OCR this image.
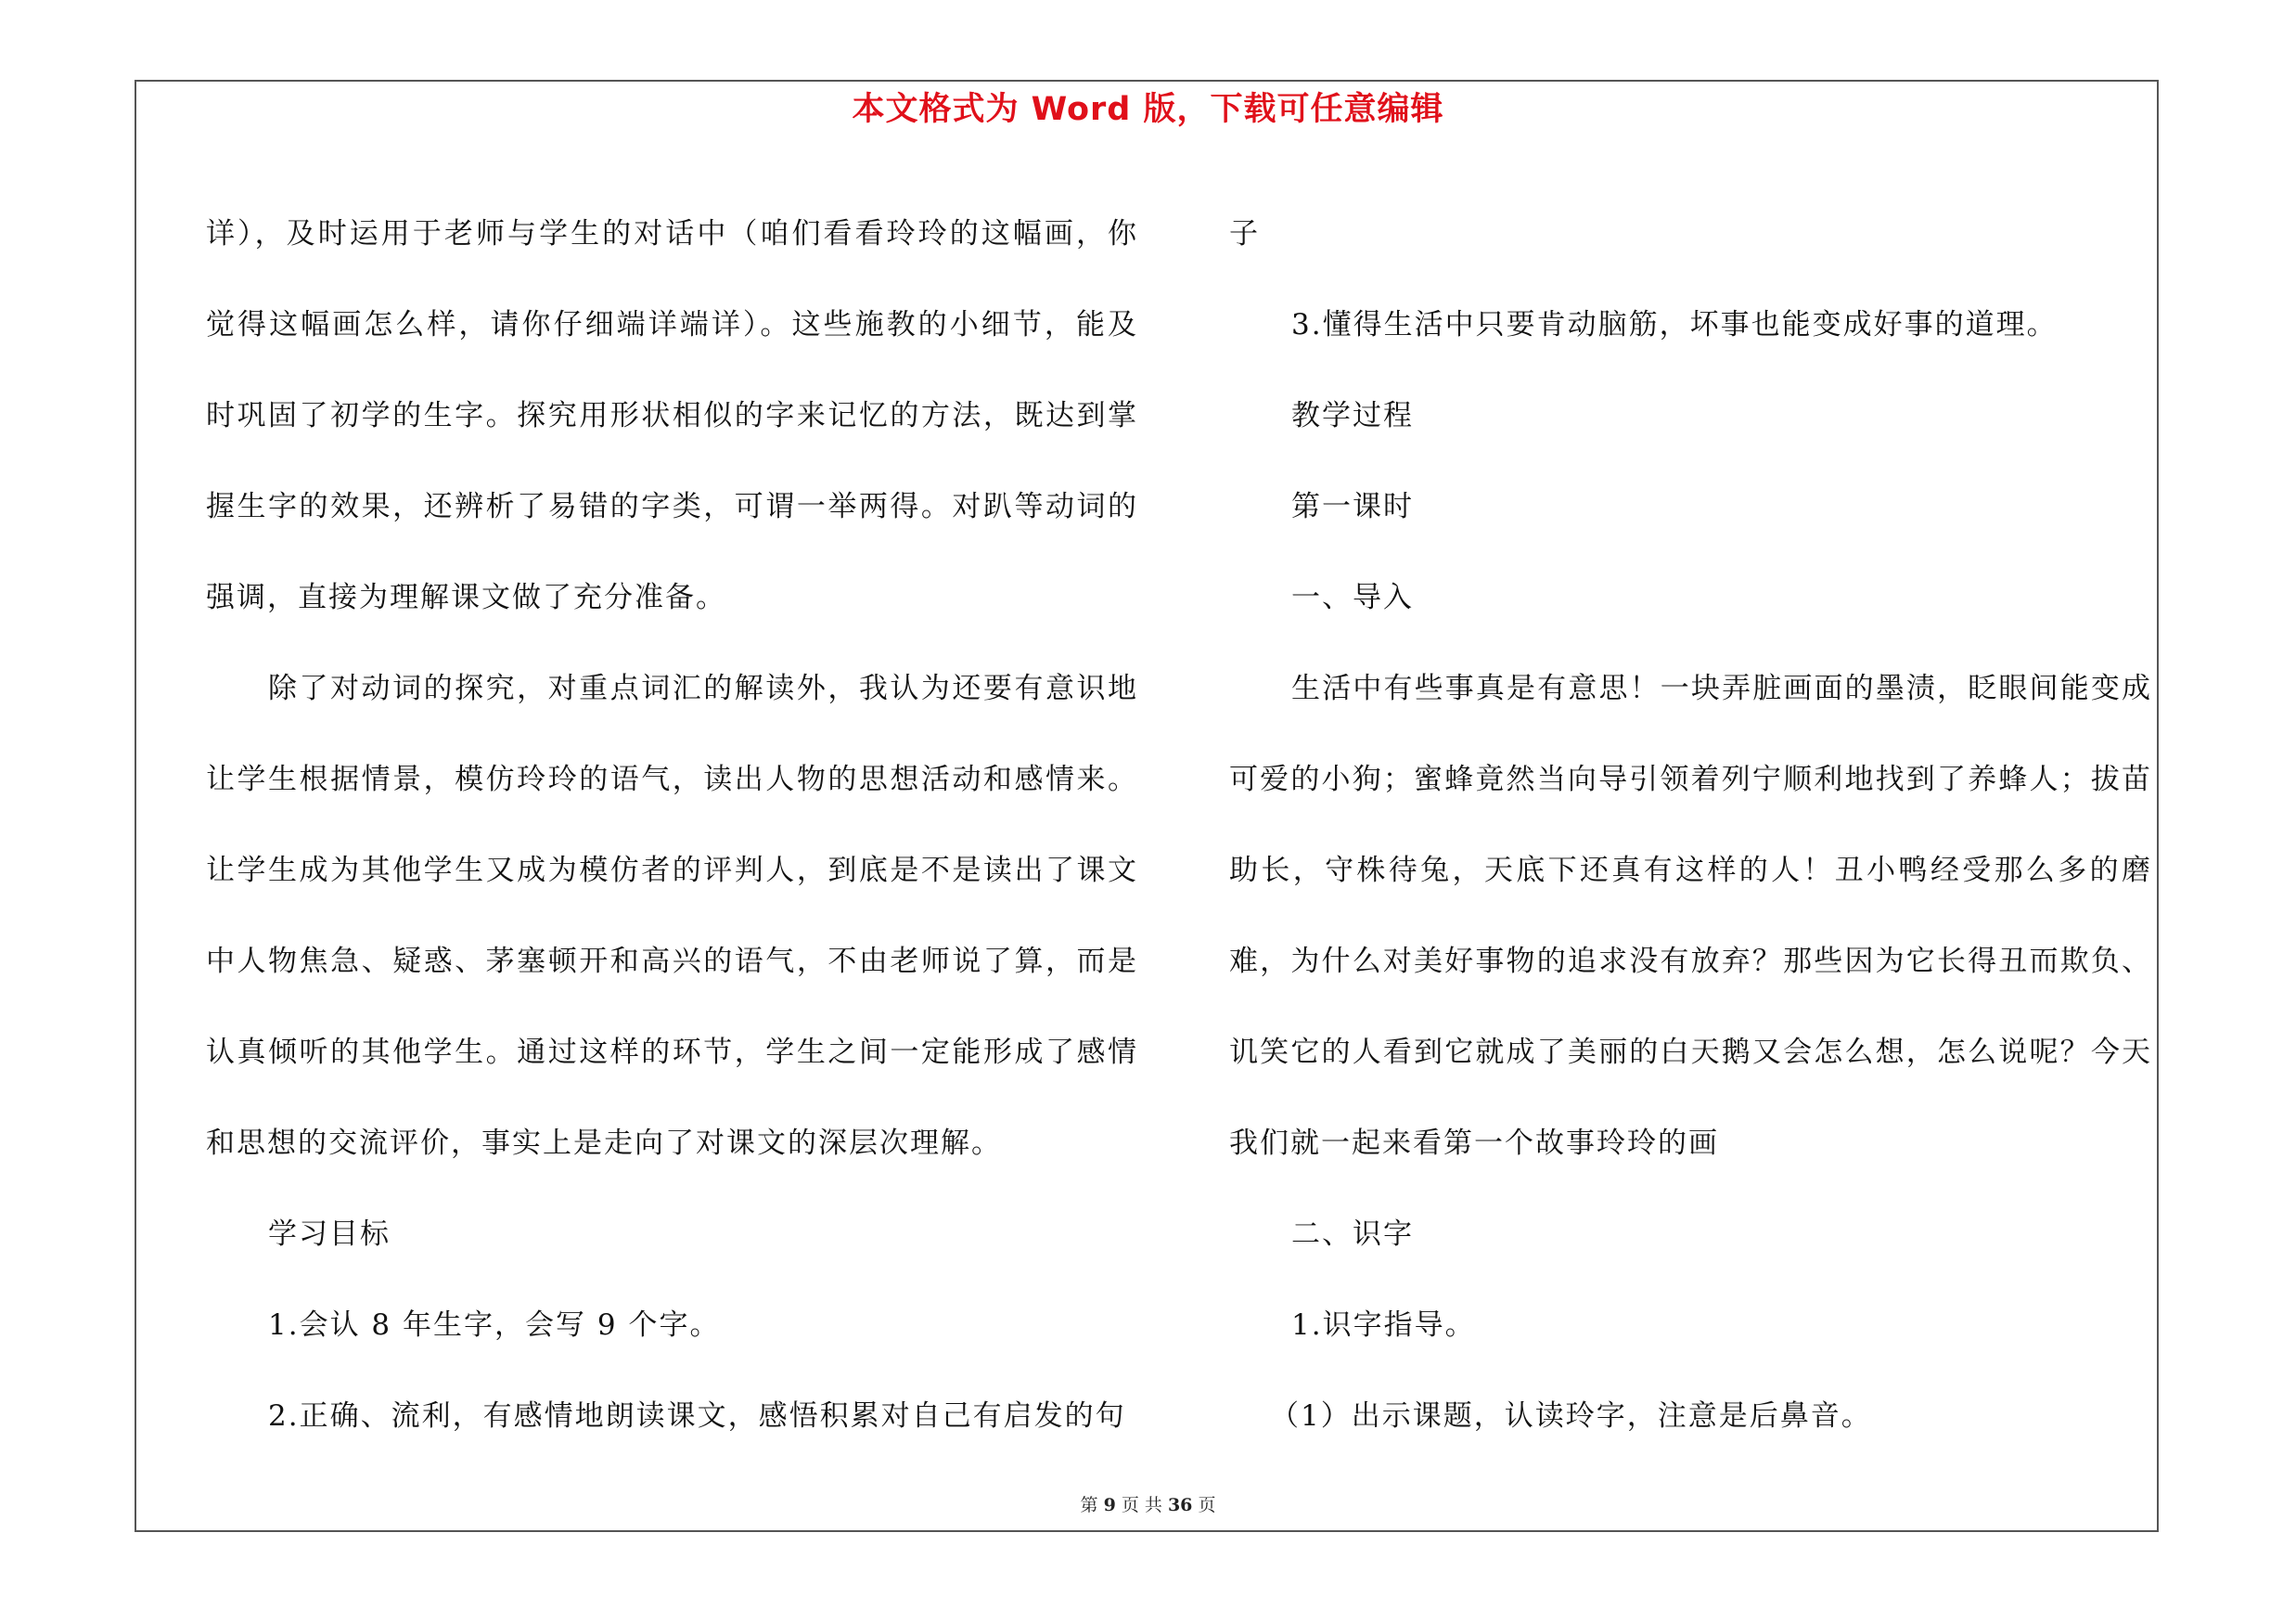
本文格式为 Word 版，下载可任意编辑

详），及时运用于老师与学生的对话中（咱们看看玲玲的这幅画，你觉得这幅画怎么样，请你仔细端详端详）。这些施教的小细节，能及时巩固了初学的生字。探究用形状相似的字来记忆的方法，既达到掌握生字的效果，还辨析了易错的字类，可谓一举两得。对趴等动词的强调，直接为理解课文做了充分准备。

除了对动词的探究，对重点词汇的解读外，我认为还要有意识地让学生根据情景，模仿玲玲的语气，读出人物的思想活动和感情来。让学生成为其他学生又成为模仿者的评判人，到底是不是读出了课文中人物焦急、疑惑、茅塞顿开和高兴的语气，不由老师说了算，而是认真倾听的其他学生。通过这样的环节，学生之间一定能形成了感情和思想的交流评价，事实上是走向了对课文的深层次理解。

学习目标

1.会认 8 年生字，会写 9 个字。

2.正确、流利，有感情地朗读课文，感悟积累对自己有启发的句

子

3.懂得生活中只要肯动脑筋，坏事也能变成好事的道理。

教学过程

第一课时

一、导入

生活中有些事真是有意思！一块弄脏画面的墨渍，眨眼间能变成可爱的小狗；蜜蜂竟然当向导引领着列宁顺利地找到了养蜂人；拔苗助长，守株待兔，天底下还真有这样的人！丑小鸭经受那么多的磨难，为什么对美好事物的追求没有放弃？那些因为它长得丑而欺负、讥笑它的人看到它就成了美丽的白天鹅又会怎么想，怎么说呢？今天我们就一起来看第一个故事玲玲的画

二、识字

1.识字指导。

（1）出示课题，认读玲字，注意是后鼻音。

第 9 页 共 36 页
